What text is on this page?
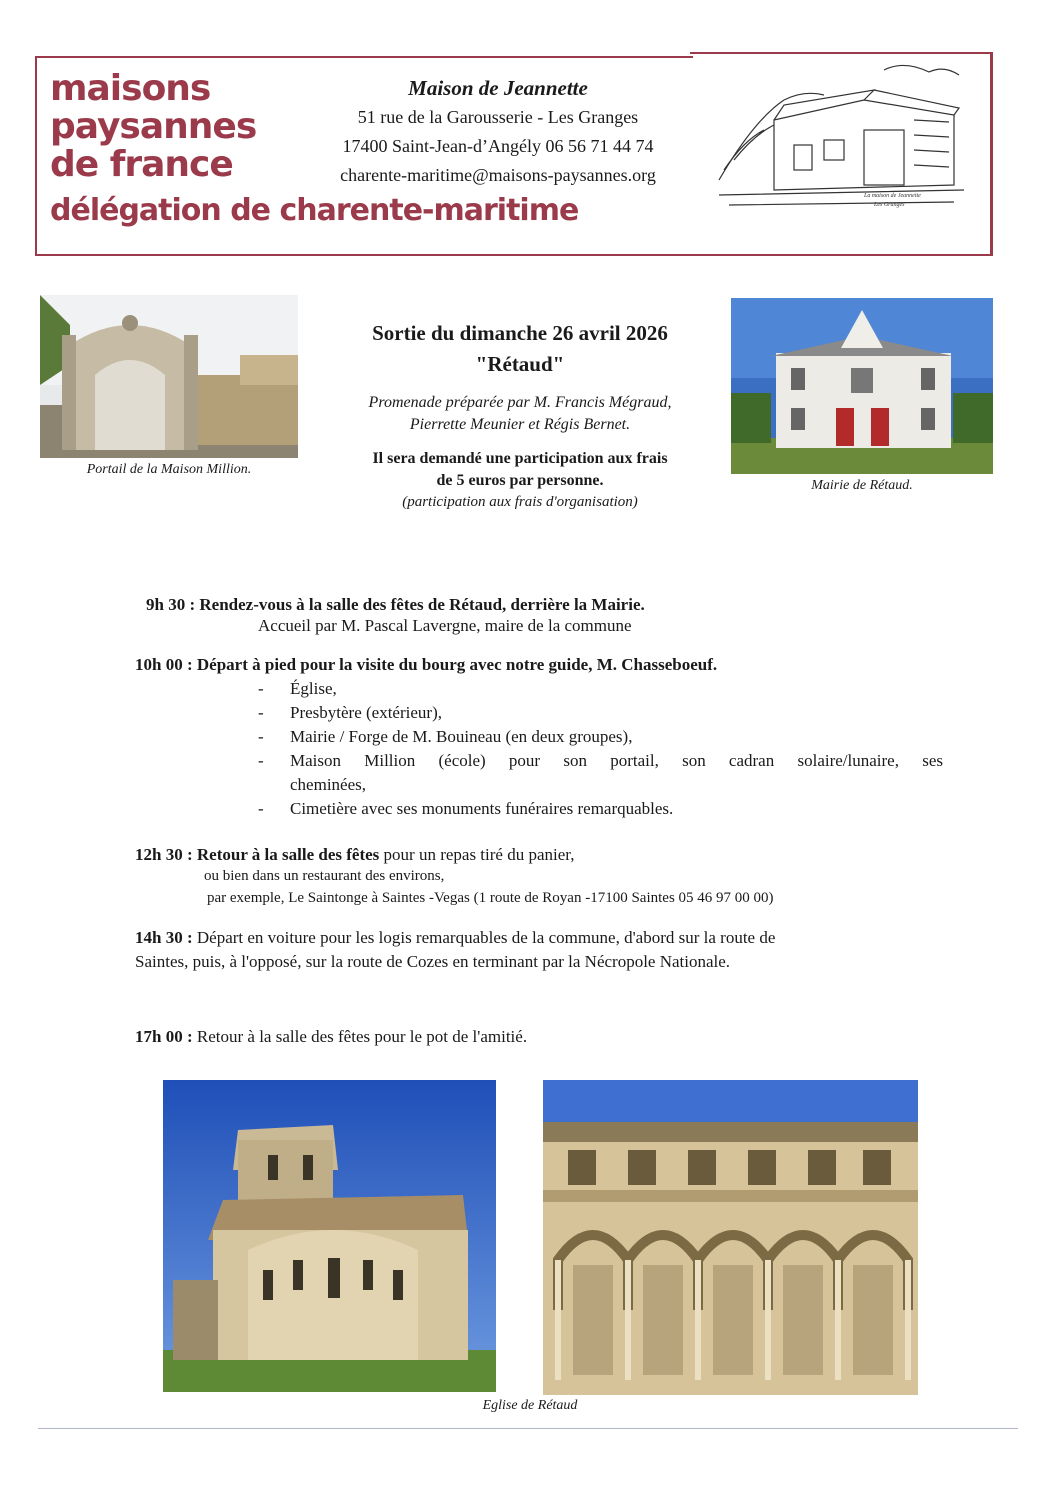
maisons
paysannes
de france
délégation de charente-maritime
Maison de Jeannette
51 rue de la Garousserie - Les Granges
17400 Saint-Jean-d’Angély 06 56 71 44 74
charente-maritime@maisons-paysannes.org
La maison de Jeannette
Les Granges
Portail de la Maison Million.
Sortie du dimanche 26 avril 2026
"Rétaud"
Promenade préparée par M. Francis Mégraud,
Pierrette Meunier et Régis Bernet.
Il sera demandé une participation aux frais
de 5 euros par personne.
(participation aux frais d'organisation)
Mairie de Rétaud.
9h 30 : Rendez-vous à la salle des fêtes de Rétaud, derrière la Mairie.
Accueil par M. Pascal Lavergne, maire de la commune
10h 00 : Départ à pied pour la visite du bourg avec notre guide, M. Chasseboeuf.
- Église,
- Presbytère (extérieur),
- Mairie / Forge de M. Bouineau (en deux groupes),
- Maison Million (école) pour son portail, son cadran solaire/lunaire, ses
cheminées,
- Cimetière avec ses monuments funéraires remarquables.
12h 30 : Retour à la salle des fêtes pour un repas tiré du panier,
ou bien dans un restaurant des environs,
par exemple, Le Saintonge à Saintes -Vegas (1 route de Royan -17100 Saintes 05 46 97 00 00)
14h 30 : Départ en voiture pour les logis remarquables de la commune, d'abord sur la route de
Saintes, puis, à l'opposé, sur la route de Cozes en terminant par la Nécropole Nationale.
17h 00 : Retour à la salle des fêtes pour le pot de l'amitié.
Eglise de Rétaud
